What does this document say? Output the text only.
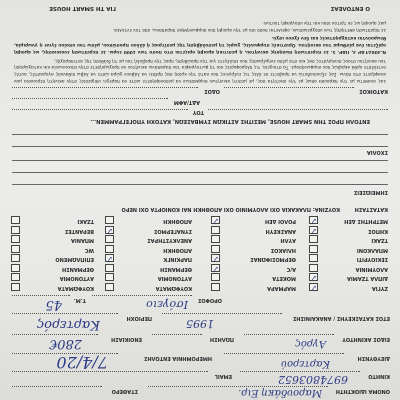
ΟΝΟΜΑ ΙΔΙΟΚΤΗΤΗ
Μαρουδάκη Ειρ.
ΣΤΑΘΕΡΟ
ΚΙΝΗΤΟ
6974803652
EMAIL
ΔΙΕΥΘΥΝΣΗ
Καρτερού
ΗΜΕΡΟΜΗΝΙΑ ΕΝΤΟΛΗΣ
7/4/20
ΕΙΔΟΣ ΑΚΙΝΗΤΟΥ
Αγρός
ΠΩΛΗΣΗ
ΕΝΟΙΚΙΑΣΗ
280€
ΕΤΟΣ ΚΑΤΑΣΚΕΥΗΣ / ΑΝΑΚΑΙΝΙΣΗΣ
1995
ΠΕΡΙΟΧΗ
Καρτερός
ΟΡΟΦΟΣ
Ισόγειο
Τ.Μ.
45
ΖΥΓΙΑ
✓
ΔΙΠΛΑ ΤΖΑΜΙΑ
✓
ΑΛΟΥΜΙΝΙΑ
ΣΕΚΙΟΥΡΙΤΙ
ΜΠΑΛΚΟΝΙ
ΤΖΑΚΙ
ΚΗΠΟΣ
✓
ΜΕΤΡΗΤΗΣ ΔΕΗ
✓
ΜΑΡΜΑΡΑ
ΜΟΚΕΤΑ
Α/C
✓
ΘΕΡΜΟΣΙΦΩΝΑΣ
✓
ΗΛΙΑΚΟΣ
ΑΥΛΗ
ΑΝΑΣΚΕΥΗ
ΡΟΛΟΙ ΔΕΗ
✓
ΚΟΥΦΩΜΑΤΑ
ΑΥΤΟΝΟΜΙΑ
ΘΕΡΜΑΝΣΗ
ΠΑΡΚΙΝΓΚ
✓
ΑΠΟΘΗΚΗ
ΑΝΕΛΚΥΣΤΗΡΑΣ
ΣΥΝΑΓΕΡΜΟΣ
✓
ΑΠΟΘΗΚΗ
ΚΟΥΦΩΜΑΤΑ
ΑΥΤΟΝΟΜΙΑ
ΘΕΡΜΑΝΣΗ
ΕΠΙΠΛΩΜΕΝΟ
WC
ΜΠΑΝΙΑ
ΒΕΡΑΝΤΕΣ
ΤΖΑΚΙ
ΚΑΤΑΣΤΑΣΗ
ΚΟΥΖΙΝΑ: ΠΛΑΚΑΚΙΑ ΟΧΙ ΑΛΟΥΜΙΝΙΟ ΟΧΙ ΑΠΟΘΗΚΗ ΝΑΙ ΚΟΝΙΟΡΤΑ ΟΧΙ ΝΕΡΟ
ΣΗΜΕΙΩΣΕΙΣ
ΣΧΟΛΙΑ
ΕΝΤΟΛΗ ΠΡΟΣ ΤΗΝ SMART HOUSE, ΜΕΣΙΤΗΣ ΑΣΤΙΚΩΝ ΣΥΜΒΑΣΕΩΝ, ΚΑΤΟΧΗ ΥΠΟΓΕΓΡΑΜΜΕΝ...
ΤΟΥ
ΑΔΤ/ΑΦΜ
ΚΑΤΟΙΚΟΣ
ΟΔΟΣ
Σας αναθέτω με την παρούσα όπως με την ιδιότητα σας, με μεσίτη ακινήτων συμβάσεων να μεσολαβήσετε ώστε να παρέχει υπηρεσίες στην ακίνητη περιουσία μου αναφέρετε στο πάνω. Σας εξουσιοδοτώ να προβείτε σε όλες τις ενέργειες που κατά την κρίση σας πρέπει να λάβουν χώρα ώστε να λάβω πιθανούς αγοραστές, αυτές εκτελέστε ορθά ακριβώς που συμφωνήσαμε. Τα στοιχεία, τις πληροφορίες και τη φωτογραφία του παραπάνω ακινήτου να προχωρήσετε στην επικοινωνία και καταχώρηση του ακινήτου στους συνεργάτες σας και στα μέσα ενημέρωσης που επιλέγετε για την προώθηση, προς την προβολή του με τη διάθεση της αντιπαροχής.
Ν.3082/ΓΑΡ 3, ΠΑΡ. 5. Σε περίπτωση πώλησης ακινήτου, η μεσιτική αμοιβή ορίζεται στο ποσό των 1000 ευρώ. Σε περίπτωση ενοικίασης, ως αμοιβή ορίζεται ένα μίσθωμα του ακινήτου. Οριστικές συμφωνίες, χωρίς τη μεσολάβηση της μεσίτριας ή άλλου προσώπου, μέσω του οποίου έγινε η γνωριμία, θεωρούνται καταχρηστικές και δεν έχουν ισχύ.
Σε περίπτωση αθέτησης των υποχρεώσεων, οφείλεται ποσό ίσο με την αμοιβή που συμφωνήθηκε παραπάνω, από τον εντολέα.
μας αμοιβή ως εκ τρίτου ίσου και την υπογραφή τούτων.
Ο ΕΝΤΟΛΕΑΣ
ΓΙΑ ΤΗ SMART HOUSE
